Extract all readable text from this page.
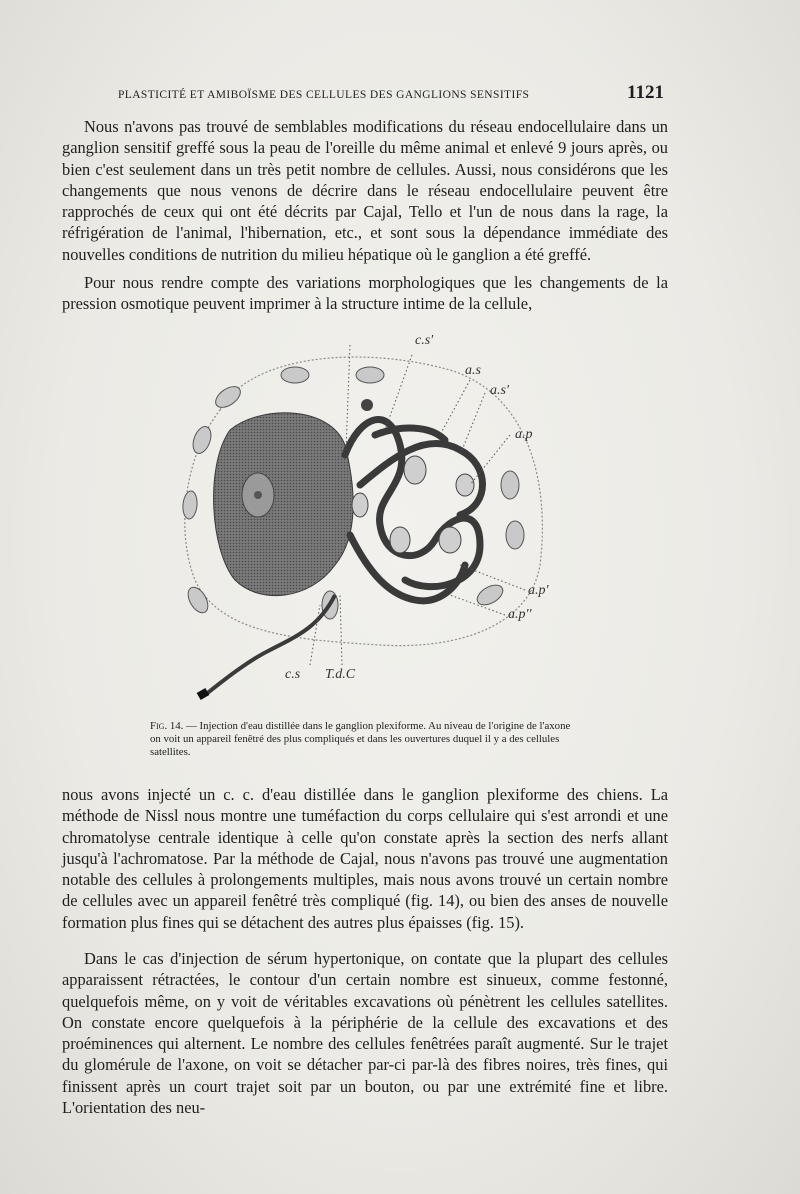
PLASTICITÉ ET AMIBOÏSME DES CELLULES DES GANGLIONS SENSITIFS	1121

Nous n'avons pas trouvé de semblables modifications du réseau endocellulaire dans un ganglion sensitif greffé sous la peau de l'oreille du même animal et enlevé 9 jours après, ou bien c'est seulement dans un très petit nombre de cellules. Aussi, nous considérons que les changements que nous venons de décrire dans le réseau endocellulaire peuvent être rapprochés de ceux qui ont été décrits par Cajal, Tello et l'un de nous dans la rage, la réfrigération de l'animal, l'hibernation, etc., et sont sous la dépendance immédiate des nouvelles conditions de nutrition du milieu hépatique où le ganglion a été greffé.

Pour nous rendre compte des variations morphologiques que les changements de la pression osmotique peuvent imprimer à la structure intime de la cellule,

c.s'
a.s
a.s'
a.p
a.p'
a.p''
c.s T.d.C
Fig. 14. — Injection d'eau distillée dans le ganglion plexiforme. Au niveau de l'origine de l'axone on voit un appareil fenêtré des plus compliqués et dans les ouvertures duquel il y a des cellules satellites.

nous avons injecté un c. c. d'eau distillée dans le ganglion plexiforme des chiens. La méthode de Nissl nous montre une tuméfaction du corps cellulaire qui s'est arrondi et une chromatolyse centrale identique à celle qu'on constate après la section des nerfs allant jusqu'à l'achromatose. Par la méthode de Cajal, nous n'avons pas trouvé une augmentation notable des cellules à prolongements multiples, mais nous avons trouvé un certain nombre de cellules avec un appareil fenêtré très compliqué (fig. 14), ou bien des anses de nouvelle formation plus fines qui se détachent des autres plus épaisses (fig. 15).

Dans le cas d'injection de sérum hypertonique, on contate que la plupart des cellules apparaissent rétractées, le contour d'un certain nombre est sinueux, comme festonné, quelquefois même, on y voit de véritables excavations où pénètrent les cellules satellites. On constate encore quelquefois à la périphérie de la cellule des excavations et des proéminences qui alternent. Le nombre des cellules fenêtrées paraît augmenté. Sur le trajet du glomérule de l'axone, on voit se détacher par-ci par-là des fibres noires, très fines, qui finissent après un court trajet soit par un bouton, ou par une extrémité fine et libre. L'orientation des neu-
